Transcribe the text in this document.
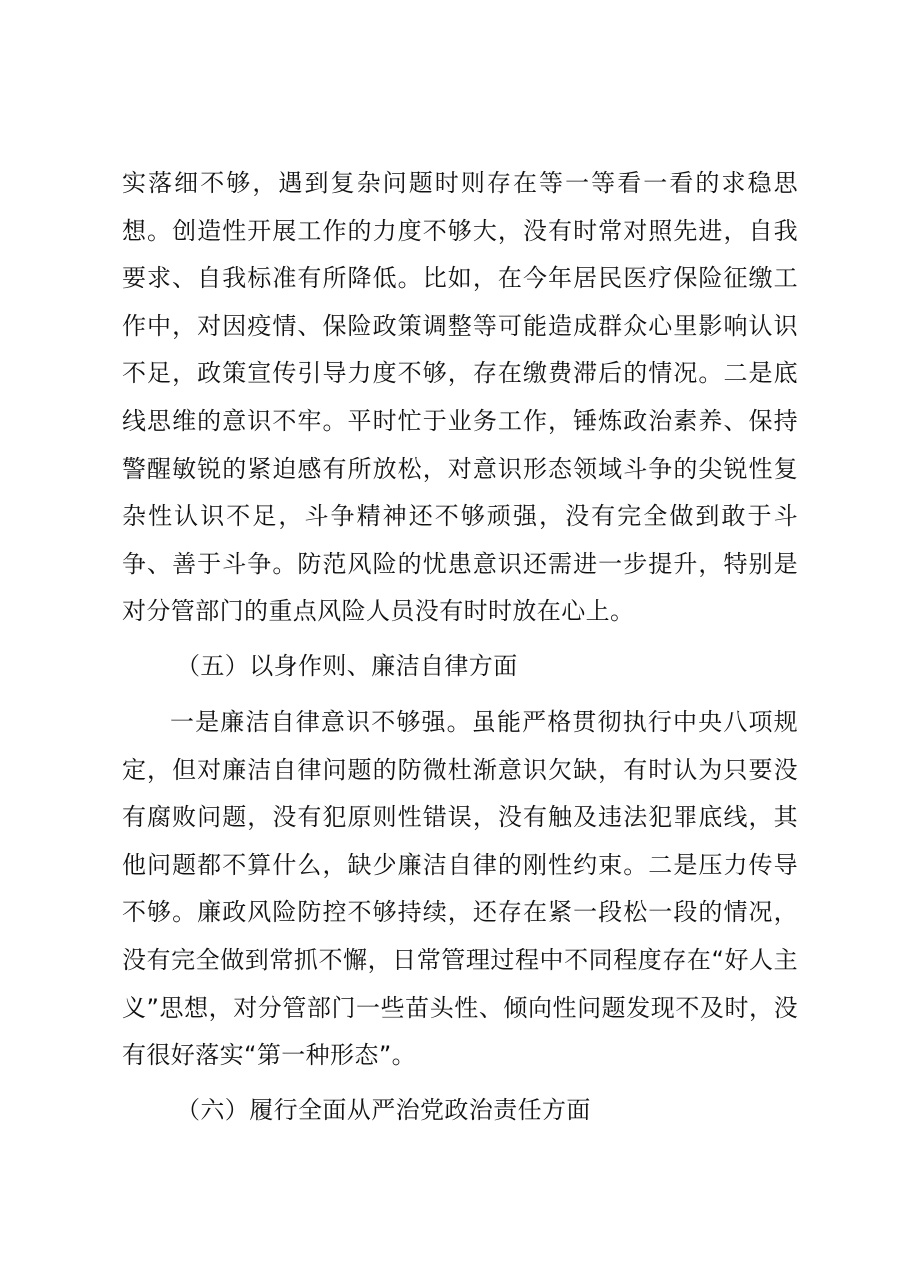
实落细不够，遇到复杂问题时则存在等一等看一看的求稳思想。创造性开展工作的力度不够大，没有时常对照先进，自我要求、自我标准有所降低。比如，在今年居民医疗保险征缴工作中，对因疫情、保险政策调整等可能造成群众心里影响认识不足，政策宣传引导力度不够，存在缴费滞后的情况。二是底线思维的意识不牢。平时忙于业务工作，锤炼政治素养、保持警醒敏锐的紧迫感有所放松，对意识形态领域斗争的尖锐性复杂性认识不足，斗争精神还不够顽强，没有完全做到敢于斗争、善于斗争。防范风险的忧患意识还需进一步提升，特别是对分管部门的重点风险人员没有时时放在心上。

（五）以身作则、廉洁自律方面

一是廉洁自律意识不够强。虽能严格贯彻执行中央八项规定，但对廉洁自律问题的防微杜渐意识欠缺，有时认为只要没有腐败问题，没有犯原则性错误，没有触及违法犯罪底线，其他问题都不算什么，缺少廉洁自律的刚性约束。二是压力传导不够。廉政风险防控不够持续，还存在紧一段松一段的情况，没有完全做到常抓不懈，日常管理过程中不同程度存在“好人主义”思想，对分管部门一些苗头性、倾向性问题发现不及时，没有很好落实“第一种形态”。

（六）履行全面从严治党政治责任方面
